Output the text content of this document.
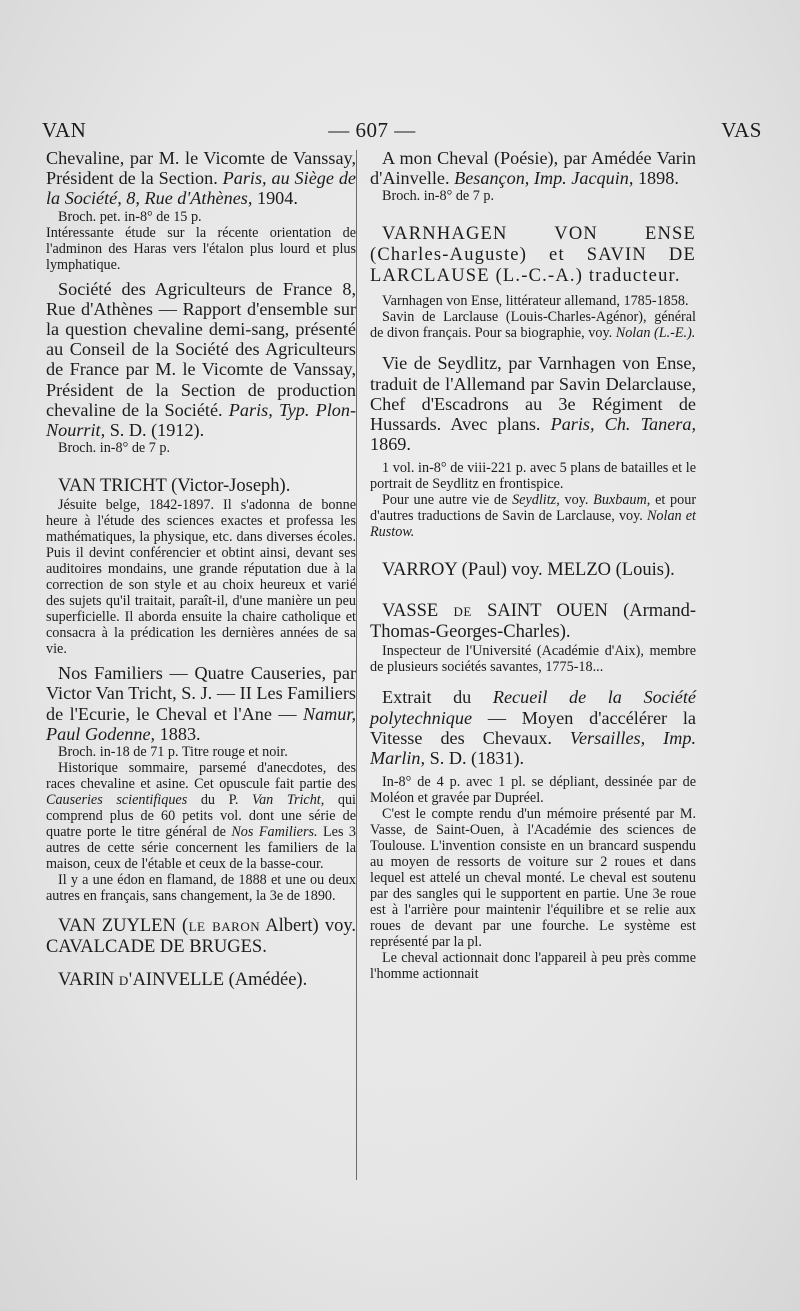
VAN	— 607 —	VAS

Chevaline, par M. le Vicomte de Vanssay, Président de la Section. Paris, au Siège de la Société, 8, Rue d'Athènes, 1904.

Broch. pet. in-8° de 15 p.

Intéressante étude sur la récente orientation de l'adminon des Haras vers l'étalon plus lourd et plus lymphatique.

Société des Agriculteurs de France 8, Rue d'Athènes — Rapport d'ensemble sur la question chevaline demi-sang, présenté au Conseil de la Société des Agriculteurs de France par M. le Vicomte de Vanssay, Président de la Section de production chevaline de la Société. Paris, Typ. Plon-Nourrit, S. D. (1912).

Broch. in-8° de 7 p.

VAN TRICHT (Victor-Joseph).

Jésuite belge, 1842-1897. Il s'adonna de bonne heure à l'étude des sciences exactes et professa les mathématiques, la physique, etc. dans diverses écoles. Puis il devint conférencier et obtint ainsi, devant ses auditoires mondains, une grande réputation due à la correction de son style et au choix heureux et varié des sujets qu'il traitait, paraît-il, d'une manière un peu superficielle. Il aborda ensuite la chaire catholique et consacra à la prédication les dernières années de sa vie.

Nos Familiers — Quatre Causeries, par Victor Van Tricht, S. J. — II Les Familiers de l'Ecurie, le Cheval et l'Ane — Namur, Paul Godenne, 1883.

Broch. in-18 de 71 p. Titre rouge et noir.

Historique sommaire, parsemé d'anecdotes, des races chevaline et asine. Cet opuscule fait partie des Causeries scientifiques du P. Van Tricht, qui comprend plus de 60 petits vol. dont une série de quatre porte le titre général de Nos Familiers. Les 3 autres de cette série concernent les familiers de la maison, ceux de l'étable et ceux de la basse-cour.

Il y a une édon en flamand, de 1888 et une ou deux autres en français, sans changement, la 3e de 1890.

VAN ZUYLEN (le baron Albert) voy. CAVALCADE DE BRUGES.

VARIN d'AINVELLE (Amédée).

A mon Cheval (Poésie), par Amédée Varin d'Ainvelle. Besançon, Imp. Jacquin, 1898.

Broch. in-8° de 7 p.

VARNHAGEN VON ENSE (Charles-Auguste) et SAVIN DE LARCLAUSE (L.-C.-A.) traducteur.

Varnhagen von Ense, littérateur allemand, 1785-1858.

Savin de Larclause (Louis-Charles-Agénor), général de divon français. Pour sa biographie, voy. Nolan (L.-E.).

Vie de Seydlitz, par Varnhagen von Ense, traduit de l'Allemand par Savin Delarclause, Chef d'Escadrons au 3e Régiment de Hussards. Avec plans. Paris, Ch. Tanera, 1869.

1 vol. in-8° de viii-221 p. avec 5 plans de batailles et le portrait de Seydlitz en frontispice.

Pour une autre vie de Seydlitz, voy. Buxbaum, et pour d'autres traductions de Savin de Larclause, voy. Nolan et Rustow.

VARROY (Paul) voy. MELZO (Louis).

VASSE de SAINT OUEN (Armand-Thomas-Georges-Charles).

Inspecteur de l'Université (Académie d'Aix), membre de plusieurs sociétés savantes, 1775-18...

Extrait du Recueil de la Société polytechnique — Moyen d'accélérer la Vitesse des Chevaux. Versailles, Imp. Marlin, S. D. (1831).

In-8° de 4 p. avec 1 pl. se dépliant, dessinée par de Moléon et gravée par Dupréel.

C'est le compte rendu d'un mémoire présenté par M. Vasse, de Saint-Ouen, à l'Académie des sciences de Toulouse. L'invention consiste en un brancard suspendu au moyen de ressorts de voiture sur 2 roues et dans lequel est attelé un cheval monté. Le cheval est soutenu par des sangles qui le supportent en partie. Une 3e roue est à l'arrière pour maintenir l'équilibre et se relie aux roues de devant par une fourche. Le système est représenté par la pl.

Le cheval actionnait donc l'appareil à peu près comme l'homme actionnait
